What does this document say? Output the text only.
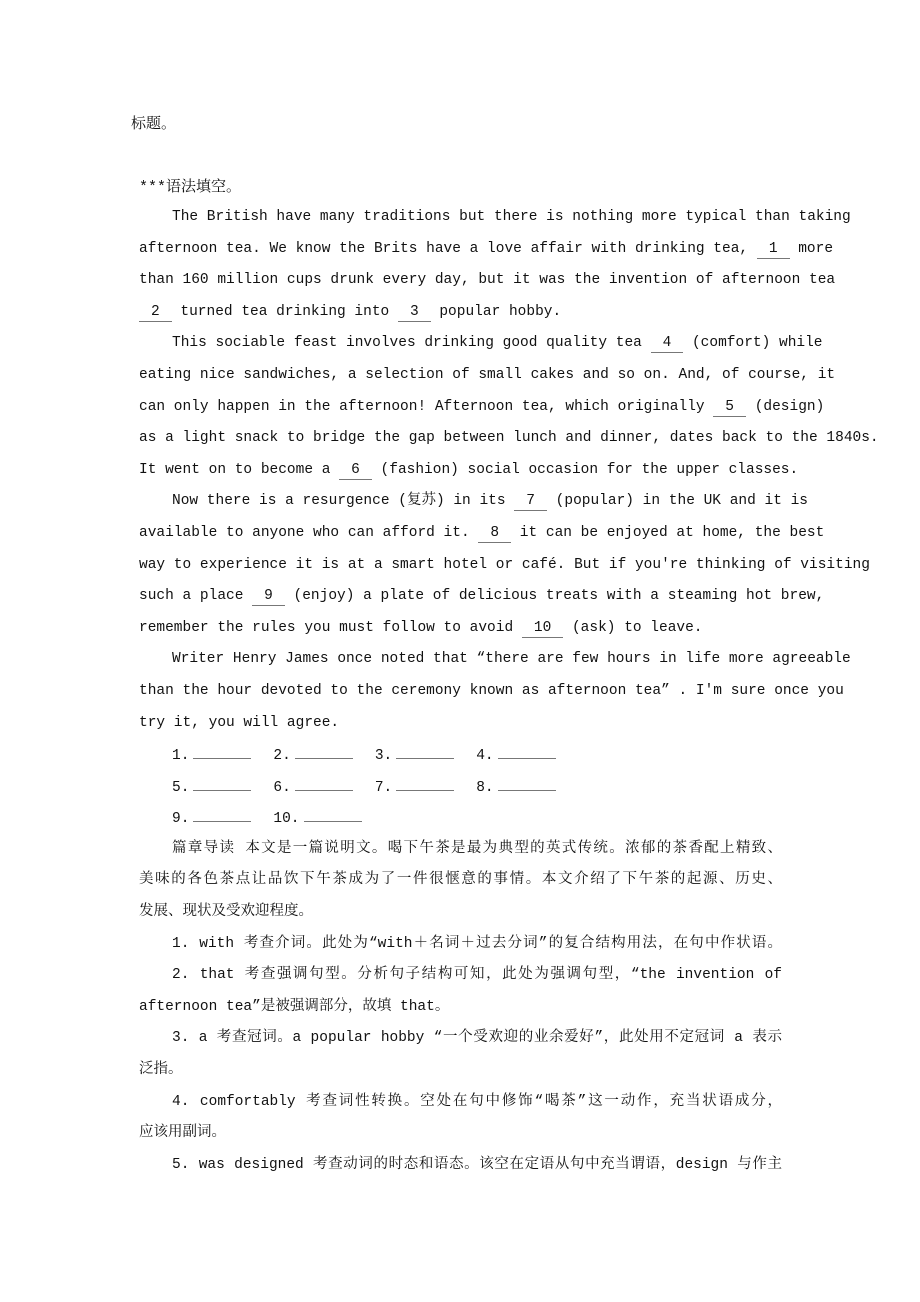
标题。
***语法填空。
The British have many traditions but there is nothing more typical than taking
afternoon tea. We know the Brits have a love affair with drinking tea, 1 more
than 160 million cups drunk every day, but it was the invention of afternoon tea
2 turned tea drinking into 3 popular hobby.
This sociable feast involves drinking good quality tea 4 (comfort) while
eating nice sandwiches, a selection of small cakes and so on. And, of course, it
can only happen in the afternoon! Afternoon tea, which originally 5 (design)
as a light snack to bridge the gap between lunch and dinner, dates back to the 1840s.
It went on to become a 6 (fashion) social occasion for the upper classes.
Now there is a resurgence (复苏) in its 7 (popular) in the UK and it is
available to anyone who can afford it. 8 it can be enjoyed at home, the best
way to experience it is at a smart hotel or café. But if you're thinking of visiting
such a place 9 (enjoy) a plate of delicious treats with a steaming hot brew,
remember the rules you must follow to avoid 10 (ask) to leave.
Writer Henry James once noted that “there are few hours in life more agreeable
than the hour devoted to the ceremony known as afternoon tea” . I'm sure once you
try it, you will agree.
1.	2.	3.	4.
5.	6.	7.	8.
9.	10.
篇章导读 本文是一篇说明文。喝下午茶是最为典型的英式传统。浓郁的茶香配上精致、
美味的各色茶点让品饮下午茶成为了一件很惬意的事情。本文介绍了下午茶的起源、历史、
发展、现状及受欢迎程度。
1. with 考查介词。此处为“with＋名词＋过去分词”的复合结构用法，在句中作状语。
2. that 考查强调句型。分析句子结构可知，此处为强调句型，“the invention of
afternoon tea”是被强调部分，故填 that。
3. a 考查冠词。a popular hobby “一个受欢迎的业余爱好”，此处用不定冠词 a 表示
泛指。
4. comfortably 考查词性转换。空处在句中修饰“喝茶”这一动作，充当状语成分，
应该用副词。
5. was designed 考查动词的时态和语态。该空在定语从句中充当谓语，design 与作主
